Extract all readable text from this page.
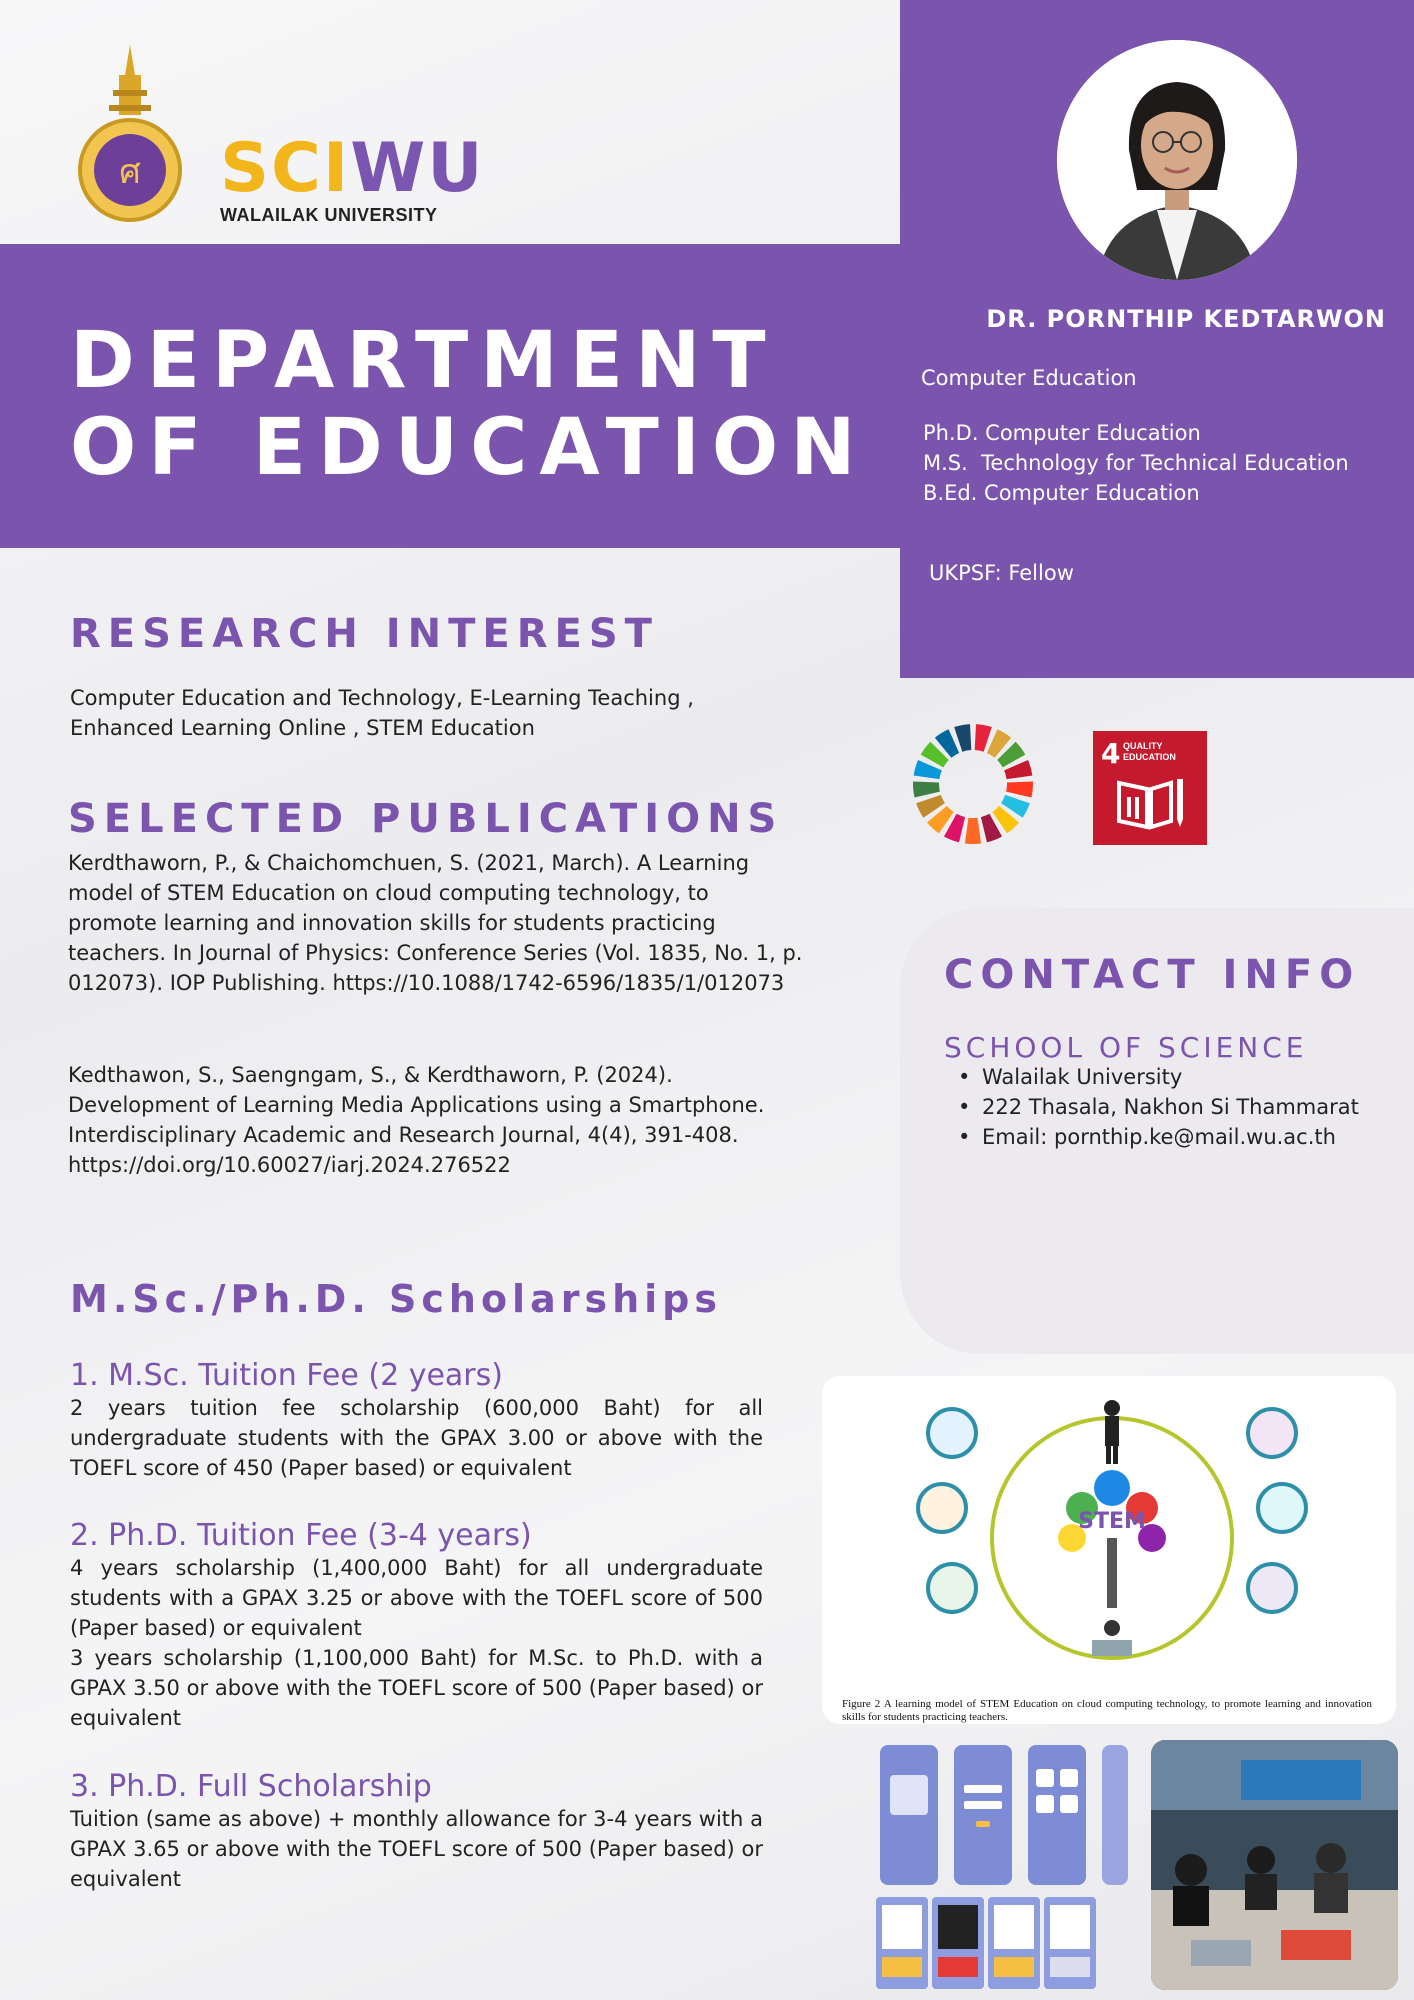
ศ SCIWU
WALAILAK UNIVERSITY
DEPARTMENT
OF EDUCATION
DR. PORNTHIP KEDTARWON
Computer Education
Ph.D. Computer Education
M.S.  Technology for Technical Education
B.Ed. Computer Education
UKPSF: Fellow
RESEARCH INTEREST
Computer Education and Technology, E-Learning Teaching , Enhanced Learning Online , STEM Education
SELECTED PUBLICATIONS
Kerdthaworn, P., & Chaichomchuen, S. (2021, March). A Learning model of STEM Education on cloud computing technology, to promote learning and innovation skills for students practicing teachers. In Journal of Physics: Conference Series (Vol. 1835, No. 1, p. 012073). IOP Publishing. https://10.1088/1742-6596/1835/1/012073
Kedthawon, S., Saengngam, S., & Kerdthaworn, P. (2024). Development of Learning Media Applications using a Smartphone. Interdisciplinary Academic and Research Journal, 4(4), 391-408. https://doi.org/10.60027/iarj.2024.276522
M.Sc./Ph.D. Scholarships
1. M.Sc. Tuition Fee (2 years)
2 years tuition fee scholarship (600,000 Baht) for all undergraduate students with the GPAX 3.00 or above with the TOEFL score of 450 (Paper based) or equivalent
2. Ph.D. Tuition Fee (3-4 years)
4 years scholarship (1,400,000 Baht) for all undergraduate students with a GPAX 3.25 or above with the TOEFL score of 500 (Paper based) or equivalent
3 years scholarship (1,100,000 Baht) for M.Sc. to Ph.D. with a GPAX 3.50 or above with the TOEFL score of 500 (Paper based) or equivalent
3. Ph.D. Full Scholarship
Tuition (same as above) + monthly allowance for 3-4 years with a GPAX 3.65 or above with the TOEFL score of 500 (Paper based) or equivalent
4 QUALITY
EDUCATION
CONTACT INFO
SCHOOL OF SCIENCE
• Walailak University
• 222 Thasala, Nakhon Si Thammarat
• Email: pornthip.ke@mail.wu.ac.th
STEM
Figure 2 A learning model of STEM Education on cloud computing technology, to promote learning and innovation skills for students practicing teachers.
